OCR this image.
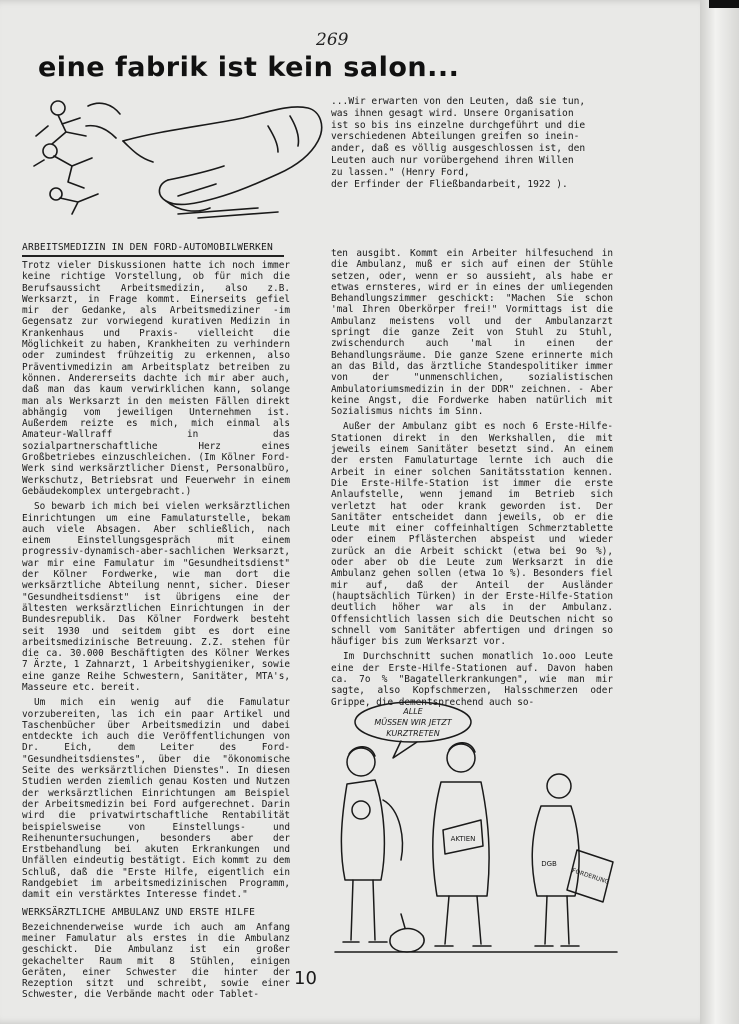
269
eine fabrik ist kein salon...
...Wir erwarten von den Leuten, daß sie tun,
was ihnen gesagt wird. Unsere Organisation
ist so bis ins einzelne durchgeführt und die
verschiedenen Abteilungen greifen so inein-
ander, daß es völlig ausgeschlossen ist, den
Leuten auch nur vorübergehend ihren Willen
zu lassen." (Henry Ford,
der Erfinder der Fließbandarbeit, 1922 ).
ARBEITSMEDIZIN IN DEN FORD-AUTOMOBILWERKEN

Trotz vieler Diskussionen hatte ich noch immer keine richtige Vorstellung, ob für mich die Berufsaussicht Arbeitsmedizin, also z.B. Werksarzt, in Frage kommt. Einerseits gefiel mir der Gedanke, als Arbeitsmediziner -im Gegensatz zur vorwiegend kurativen Medizin in Krankenhaus und Praxis- vielleicht die Möglichkeit zu haben, Krankheiten zu verhindern oder zumindest frühzeitig zu erkennen, also Präventivmedizin am Arbeitsplatz betreiben zu können. Andererseits dachte ich mir aber auch, daß man das kaum verwirklichen kann, solange man als Werksarzt in den meisten Fällen direkt abhängig vom jeweiligen Unternehmen ist. Außerdem reizte es mich, mich einmal als Amateur-Wallraff in das sozialpartnerschaftliche Herz eines Großbetriebes einzuschleichen. (Im Kölner Ford-Werk sind werksärztlicher Dienst, Personalbüro, Werkschutz, Betriebsrat und Feuerwehr in einem Gebäudekomplex untergebracht.)

So bewarb ich mich bei vielen werksärztlichen Einrichtungen um eine Famulaturstelle, bekam auch viele Absagen. Aber schließlich, nach einem Einstellungsgespräch mit einem progressiv-dynamisch-aber-sachlichen Werksarzt, war mir eine Famulatur im "Gesundheitsdienst" der Kölner Fordwerke, wie man dort die werksärztliche Abteilung nennt, sicher. Dieser "Gesundheitsdienst" ist übrigens eine der ältesten werksärztlichen Einrichtungen in der Bundesrepublik. Das Kölner Fordwerk besteht seit 1930 und seitdem gibt es dort eine arbeitsmedizinische Betreuung. Z.Z. stehen für die ca. 30.000 Beschäftigten des Kölner Werkes 7 Ärzte, 1 Zahnarzt, 1 Arbeitshygieniker, sowie eine ganze Reihe Schwestern, Sanitäter, MTA's, Masseure etc. bereit.

Um mich ein wenig auf die Famulatur vorzubereiten, las ich ein paar Artikel und Taschenbücher über Arbeitsmedizin und dabei entdeckte ich auch die Veröffentlichungen von Dr. Eich, dem Leiter des Ford-"Gesundheitsdienstes", über die "ökonomische Seite des werksärztlichen Dienstes". In diesen Studien werden ziemlich genau Kosten und Nutzen der werksärztlichen Einrichtungen am Beispiel der Arbeitsmedizin bei Ford aufgerechnet. Darin wird die privatwirtschaftliche Rentabilität beispielsweise von Einstellungs- und Reihenuntersuchungen, besonders aber der Erstbehandlung bei akuten Erkrankungen und Unfällen eindeutig bestätigt. Eich kommt zu dem Schluß, daß die "Erste Hilfe, eigentlich ein Randgebiet im arbeitsmedizinischen Programm, damit ein verstärktes Interesse findet."

WERKSÄRZTLICHE AMBULANZ UND ERSTE HILFE

Bezeichnenderweise wurde ich auch am Anfang meiner Famulatur als erstes in die Ambulanz geschickt. Die Ambulanz ist ein großer gekachelter Raum mit 8 Stühlen, einigen Geräten, einer Schwester die hinter der Rezeption sitzt und schreibt, sowie einer Schwester, die Verbände macht oder Tablet-

ten ausgibt. Kommt ein Arbeiter hilfesuchend in die Ambulanz, muß er sich auf einen der Stühle setzen, oder, wenn er so aussieht, als habe er etwas ernsteres, wird er in eines der umliegenden Behandlungszimmer geschickt: "Machen Sie schon 'mal Ihren Oberkörper frei!" Vormittags ist die Ambulanz meistens voll und der Ambulanzarzt springt die ganze Zeit von Stuhl zu Stuhl, zwischendurch auch 'mal in einen der Behandlungsräume. Die ganze Szene erinnerte mich an das Bild, das ärztliche Standespolitiker immer von der "unmenschlichen, sozialistischen Ambulatoriumsmedizin in der DDR" zeichnen. - Aber keine Angst, die Fordwerke haben natürlich mit Sozialismus nichts im Sinn.

Außer der Ambulanz gibt es noch 6 Erste-Hilfe-Stationen direkt in den Werkshallen, die mit jeweils einem Sanitäter besetzt sind. An einem der ersten Famulaturtage lernte ich auch die Arbeit in einer solchen Sanitätsstation kennen. Die Erste-Hilfe-Station ist immer die erste Anlaufstelle, wenn jemand im Betrieb sich verletzt hat oder krank geworden ist. Der Sanitäter entscheidet dann jeweils, ob er die Leute mit einer coffeinhaltigen Schmerztablette oder einem Pflästerchen abspeist und wieder zurück an die Arbeit schickt (etwa bei 9o %), oder aber ob die Leute zum Werksarzt in die Ambulanz gehen sollen (etwa 1o %). Besonders fiel mir auf, daß der Anteil der Ausländer (hauptsächlich Türken) in der Erste-Hilfe-Station deutlich höher war als in der Ambulanz. Offensichtlich lassen sich die Deutschen nicht so schnell vom Sanitäter abfertigen und dringen so häufiger bis zum Werksarzt vor.

Im Durchschnitt suchen monatlich 1o.ooo Leute eine der Erste-Hilfe-Stationen auf. Davon haben ca. 7o % "Bagatellerkrankungen", wie man mir sagte, also Kopfschmerzen, Halsschmerzen oder Grippe, die dementsprechend auch so-

ALLE
MÜSSEN WIR JETZT
KURZTRETEN
AKTIEN
DGB
FORDERUNG
10
